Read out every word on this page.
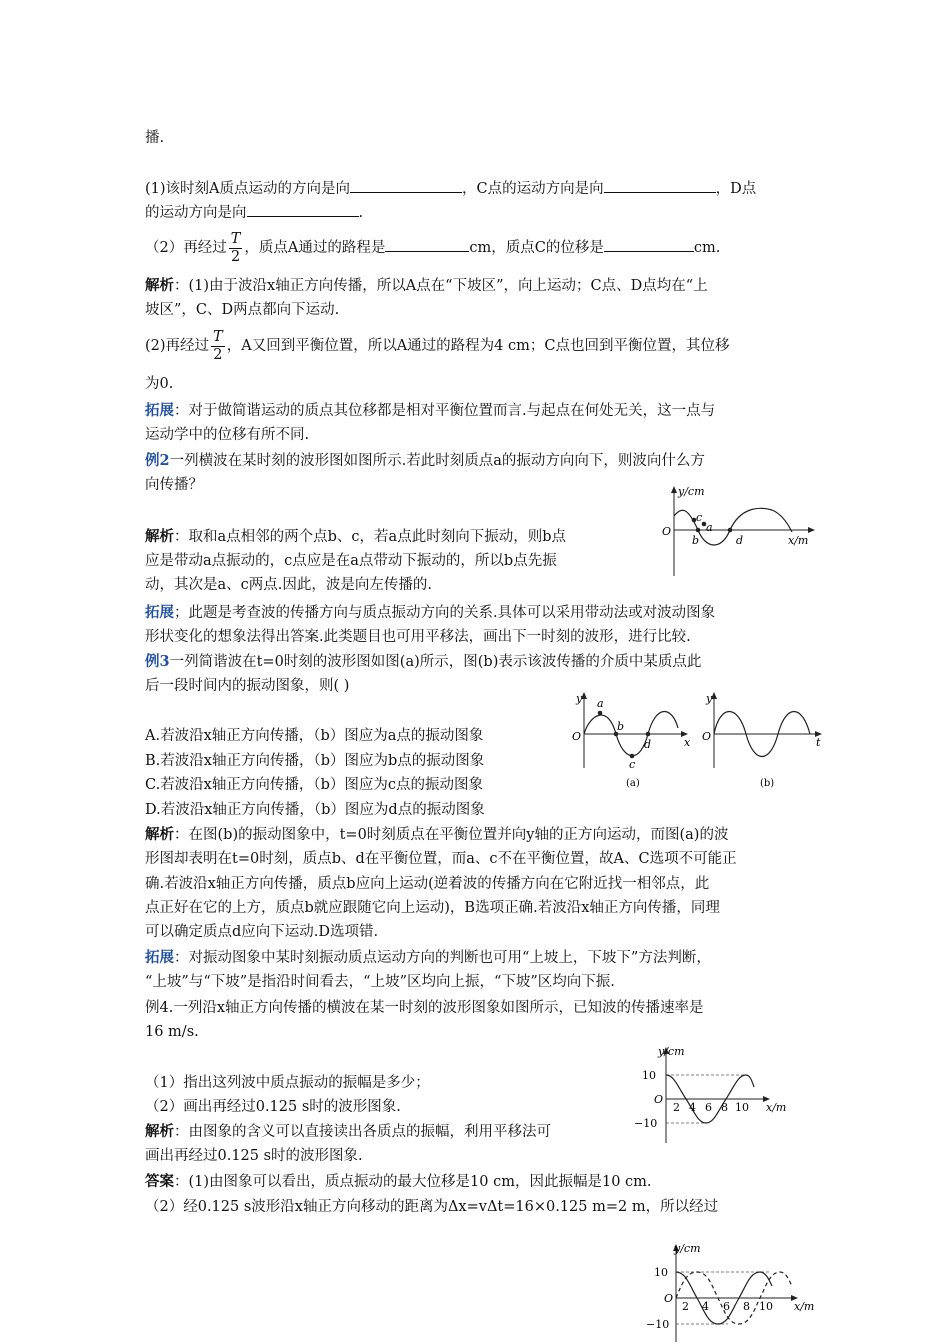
播.
(1)该时刻A质点运动的方向是向	，C点的运动方向是向	，D点
的运动方向是向	.
（2）再经过 $\frac{T}{2}$ ，质点A通过的路程是	cm，质点C的位移是	cm.
解析：(1)由于波沿x轴正方向传播，所以A点在“下坡区”，向上运动；C点、D点均在“上
坡区”，C、D两点都向下运动.
(2)再经过 $\frac{T}{2}$ ，A又回到平衡位置，所以A通过的路程为4 cm；C点也回到平衡位置，其位移
为0.
拓展：对于做简谐运动的质点其位移都是相对平衡位置而言.与起点在何处无关，这一点与
运动学中的位移有所不同.
例2一列横波在某时刻的波形图如图所示.若此时刻质点a的振动方向向下，则波向什么方
向传播？
解析：取和a点相邻的两个点b、c，若a点此时刻向下振动，则b点
应是带动a点振动的，c点应是在a点带动下振动的，所以b点先振
动，其次是a、c两点.因此，波是向左传播的.
y/cm
O
x/m
c
a
b	d
拓展；此题是考查波的传播方向与质点振动方向的关系.具体可以采用带动法或对波动图象
形状变化的想象法得出答案.此类题目也可用平移法，画出下一时刻的波形，进行比较.
例3一列简谐波在t=0时刻的波形图如图(a)所示，图(b)表示该波传播的介质中某质点此
后一段时间内的振动图象，则( )
A.若波沿x轴正方向传播，（b）图应为a点的振动图象
B.若波沿x轴正方向传播，（b）图应为b点的振动图象
C.若波沿x轴正方向传播，（b）图应为c点的振动图象
D.若波沿x轴正方向传播，（b）图应为d点的振动图象
y
O	x
a
b
c
d
(a)
y
O	t
(b)
解析：在图(b)的振动图象中，t=0时刻质点在平衡位置并向y轴的正方向运动，而图(a)的波
形图却表明在t=0时刻，质点b、d在平衡位置，而a、c不在平衡位置，故A、C选项不可能正
确.若波沿x轴正方向传播，质点b应向上运动(逆着波的传播方向在它附近找一相邻点，此
点正好在它的上方，质点b就应跟随它向上运动)，B选项正确.若波沿x轴正方向传播，同理
可以确定质点d应向下运动.D选项错.
拓展：对振动图象中某时刻振动质点运动方向的判断也可用“上坡上，下坡下”方法判断，
“上坡”与“下坡”是指沿时间看去，“上坡”区均向上振，“下坡”区均向下振.
例4.一列沿x轴正方向传播的横波在某一时刻的波形图象如图所示，已知波的传播速率是
16 m/s.
（1）指出这列波中质点振动的振幅是多少；
（2）画出再经过0.125 s时的波形图象.
解析：由图象的含义可以直接读出各质点的振幅，利用平移法可
画出再经过0.125 s时的波形图象.
答案：(1)由图象可以看出，质点振动的最大位移是10 cm，因此振幅是10 cm.
（2）经0.125 s波形沿x轴正方向移动的距离为Δx=vΔt=16×0.125 m=2 m，所以经过
y/cm
10
O
−10
2 4 6 8 10 x/m
y/cm
10
O
−10
2 4 6 8 10 x/m
